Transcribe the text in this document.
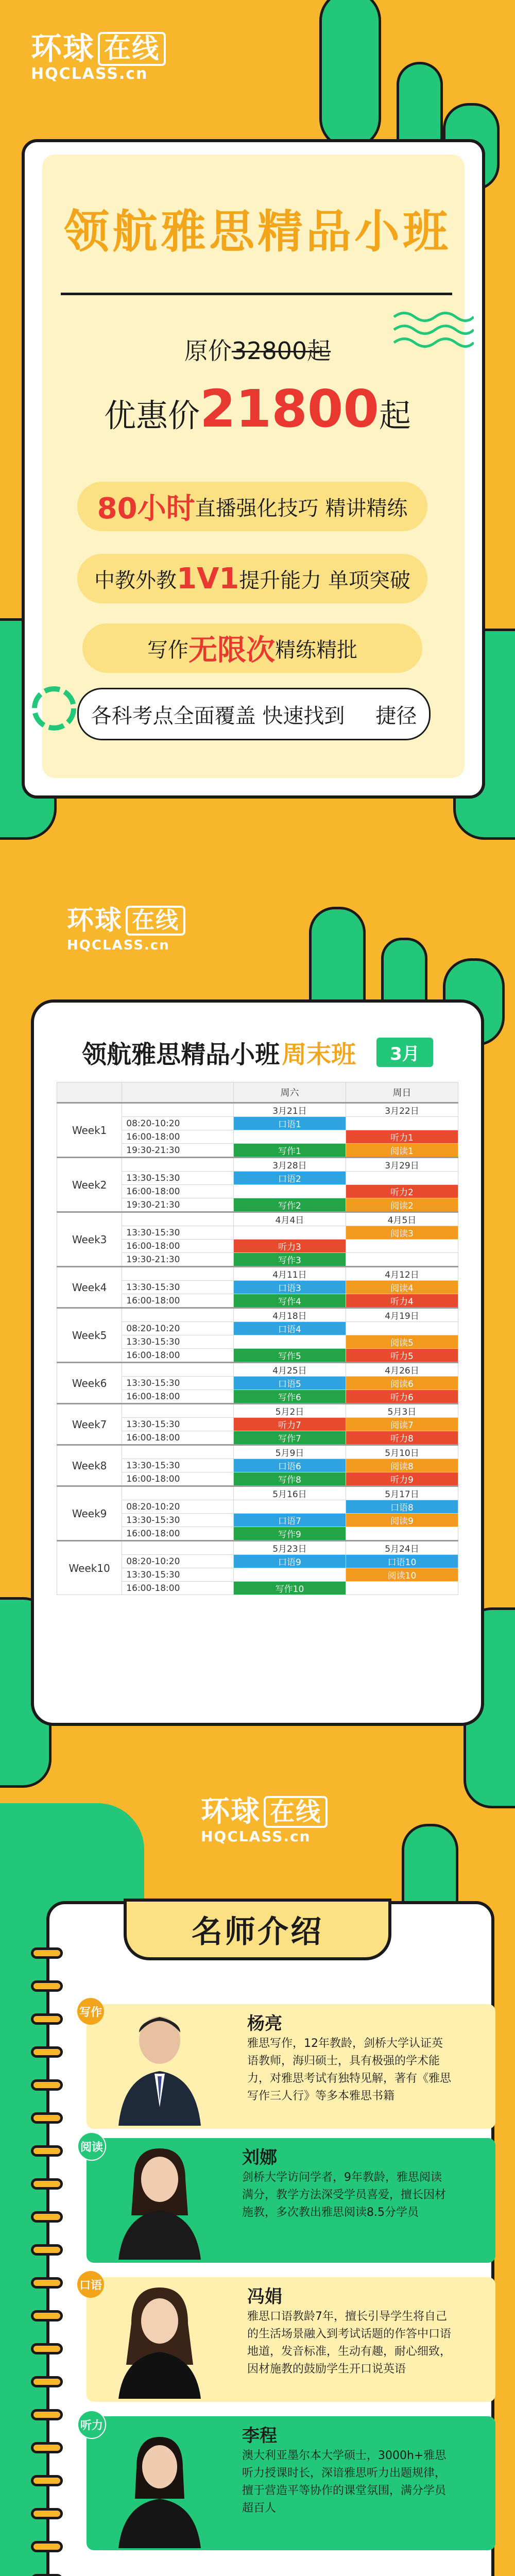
环球 在线
HQCLASS.cn
领航雅思精品小班
原价32800起
优惠价21800起
80小时 直播强化技巧 精讲精练
中教外教 1V1 提升能力 单项突破
写作 无限次 精练精批
各科考点全面覆盖 快速找到 捷径
环球 在线
HQCLASS.cn
领航雅思精品小班 周末班	3月
		周六	周日
Week1		3月21日	3月22日
	08:20-10:20	口语1	
	16:00-18:00		听力1
	19:30-21:30	写作1	阅读1
Week2		3月28日	3月29日
	13:30-15:30	口语2	
	16:00-18:00		听力2
	19:30-21:30	写作2	阅读2
Week3		4月4日	4月5日
	13:30-15:30		阅读3
	16:00-18:00	听力3	
	19:30-21:30	写作3	
Week4		4月11日	4月12日
	13:30-15:30	口语3	阅读4
	16:00-18:00	写作4	听力4
Week5		4月18日	4月19日
	08:20-10:20	口语4	
	13:30-15:30		阅读5
	16:00-18:00	写作5	听力5
Week6		4月25日	4月26日
	13:30-15:30	口语5	阅读6
	16:00-18:00	写作6	听力6
Week7		5月2日	5月3日
	13:30-15:30	听力7	阅读7
	16:00-18:00	写作7	听力8
Week8		5月9日	5月10日
	13:30-15:30	口语6	阅读8
	16:00-18:00	写作8	听力9
Week9		5月16日	5月17日
	08:20-10:20		口语8
	13:30-15:30	口语7	阅读9
	16:00-18:00	写作9	
Week10		5月23日	5月24日
	08:20-10:20	口语9	口语10
	13:30-15:30		阅读10
	16:00-18:00	写作10	
环球 在线
HQCLASS.cn
名师介绍
写作
杨亮
雅思写作，12年教龄，剑桥大学认证英语教师，海归硕士，具有极强的学术能力，对雅思考试有独特见解，著有《雅思写作三人行》等多本雅思书籍
阅读	刘娜
剑桥大学访问学者，9年教龄，雅思阅读满分，教学方法深受学员喜爱，擅长因材施教，多次教出雅思阅读8.5分学员
口语
冯娟
雅思口语教龄7年，擅长引导学生将自己的生活场景融入到考试话题的作答中口语地道，发音标准，生动有趣，耐心细致，因材施教的鼓励学生开口说英语
听力	李程
澳大利亚墨尔本大学硕士，3000h+雅思听力授课时长，深谙雅思听力出题规律，擅于营造平等协作的课堂氛围，满分学员超百人
